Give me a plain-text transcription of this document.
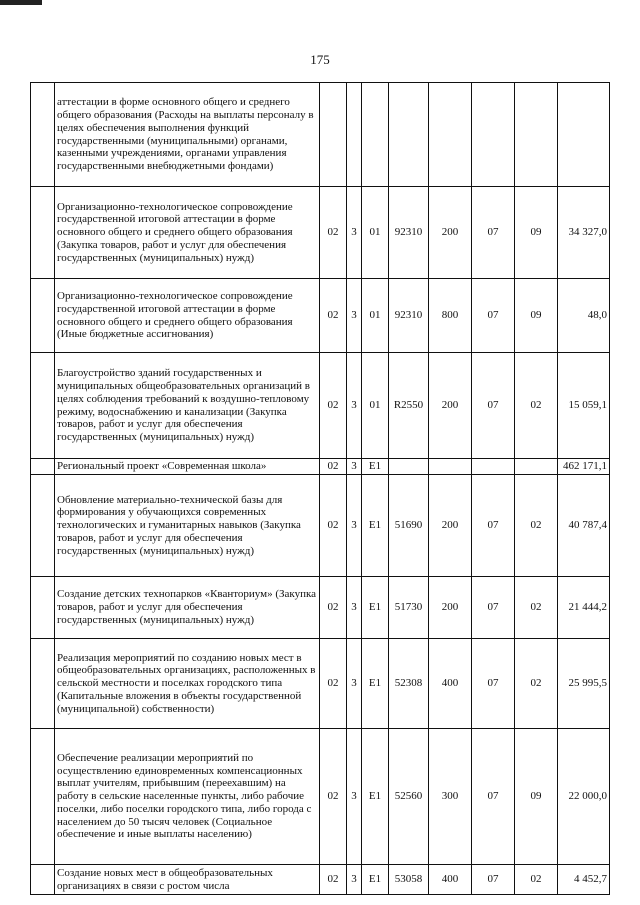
175
	аттестации в форме основного общего и среднего общего образования (Расходы на выплаты персоналу в целях обеспечения выполнения функций государственными (муниципальными) органами, казенными учреждениями, органами управления государственными внебюджетными фондами)								
	Организационно-технологическое сопровождение государственной итоговой аттестации в форме основного общего и среднего общего образования (Закупка товаров, работ и услуг для обеспечения государственных (муниципальных) нужд)	02	3	01	92310	200	07	09	34 327,0
	Организационно-технологическое сопровождение государственной итоговой аттестации в форме основного общего и среднего общего образования (Иные бюджетные ассигнования)	02	3	01	92310	800	07	09	48,0
	Благоустройство зданий государственных и муниципальных общеобразовательных организаций в целях соблюдения требований к воздушно-тепловому режиму, водоснабжению и канализации (Закупка товаров, работ и услуг для обеспечения государственных (муниципальных) нужд)	02	3	01	R2550	200	07	02	15 059,1
	Региональный проект «Современная школа»	02	3	E1					462 171,1
	Обновление материально-технической базы для формирования у обучающихся современных технологических и гуманитарных навыков (Закупка товаров, работ и услуг для обеспечения государственных (муниципальных) нужд)	02	3	E1	51690	200	07	02	40 787,4
	Создание детских технопарков «Кванториум» (Закупка товаров, работ и услуг для обеспечения государственных (муниципальных) нужд)	02	3	E1	51730	200	07	02	21 444,2
	Реализация мероприятий по созданию новых мест в общеобразовательных организациях, расположенных в сельской местности и поселках городского типа (Капитальные вложения в объекты государственной (муниципальной) собственности)	02	3	E1	52308	400	07	02	25 995,5
	Обеспечение реализации мероприятий по осуществлению единовременных компенсационных выплат учителям, прибывшим (переехавшим) на работу в сельские населенные пункты, либо рабочие поселки, либо поселки городского типа, либо города с населением до 50 тысяч человек (Социальное обеспечение и иные выплаты населению)	02	3	E1	52560	300	07	09	22 000,0
	Создание новых мест в общеобразовательных организациях в связи с ростом числа	02	3	E1	53058	400	07	02	4 452,7
